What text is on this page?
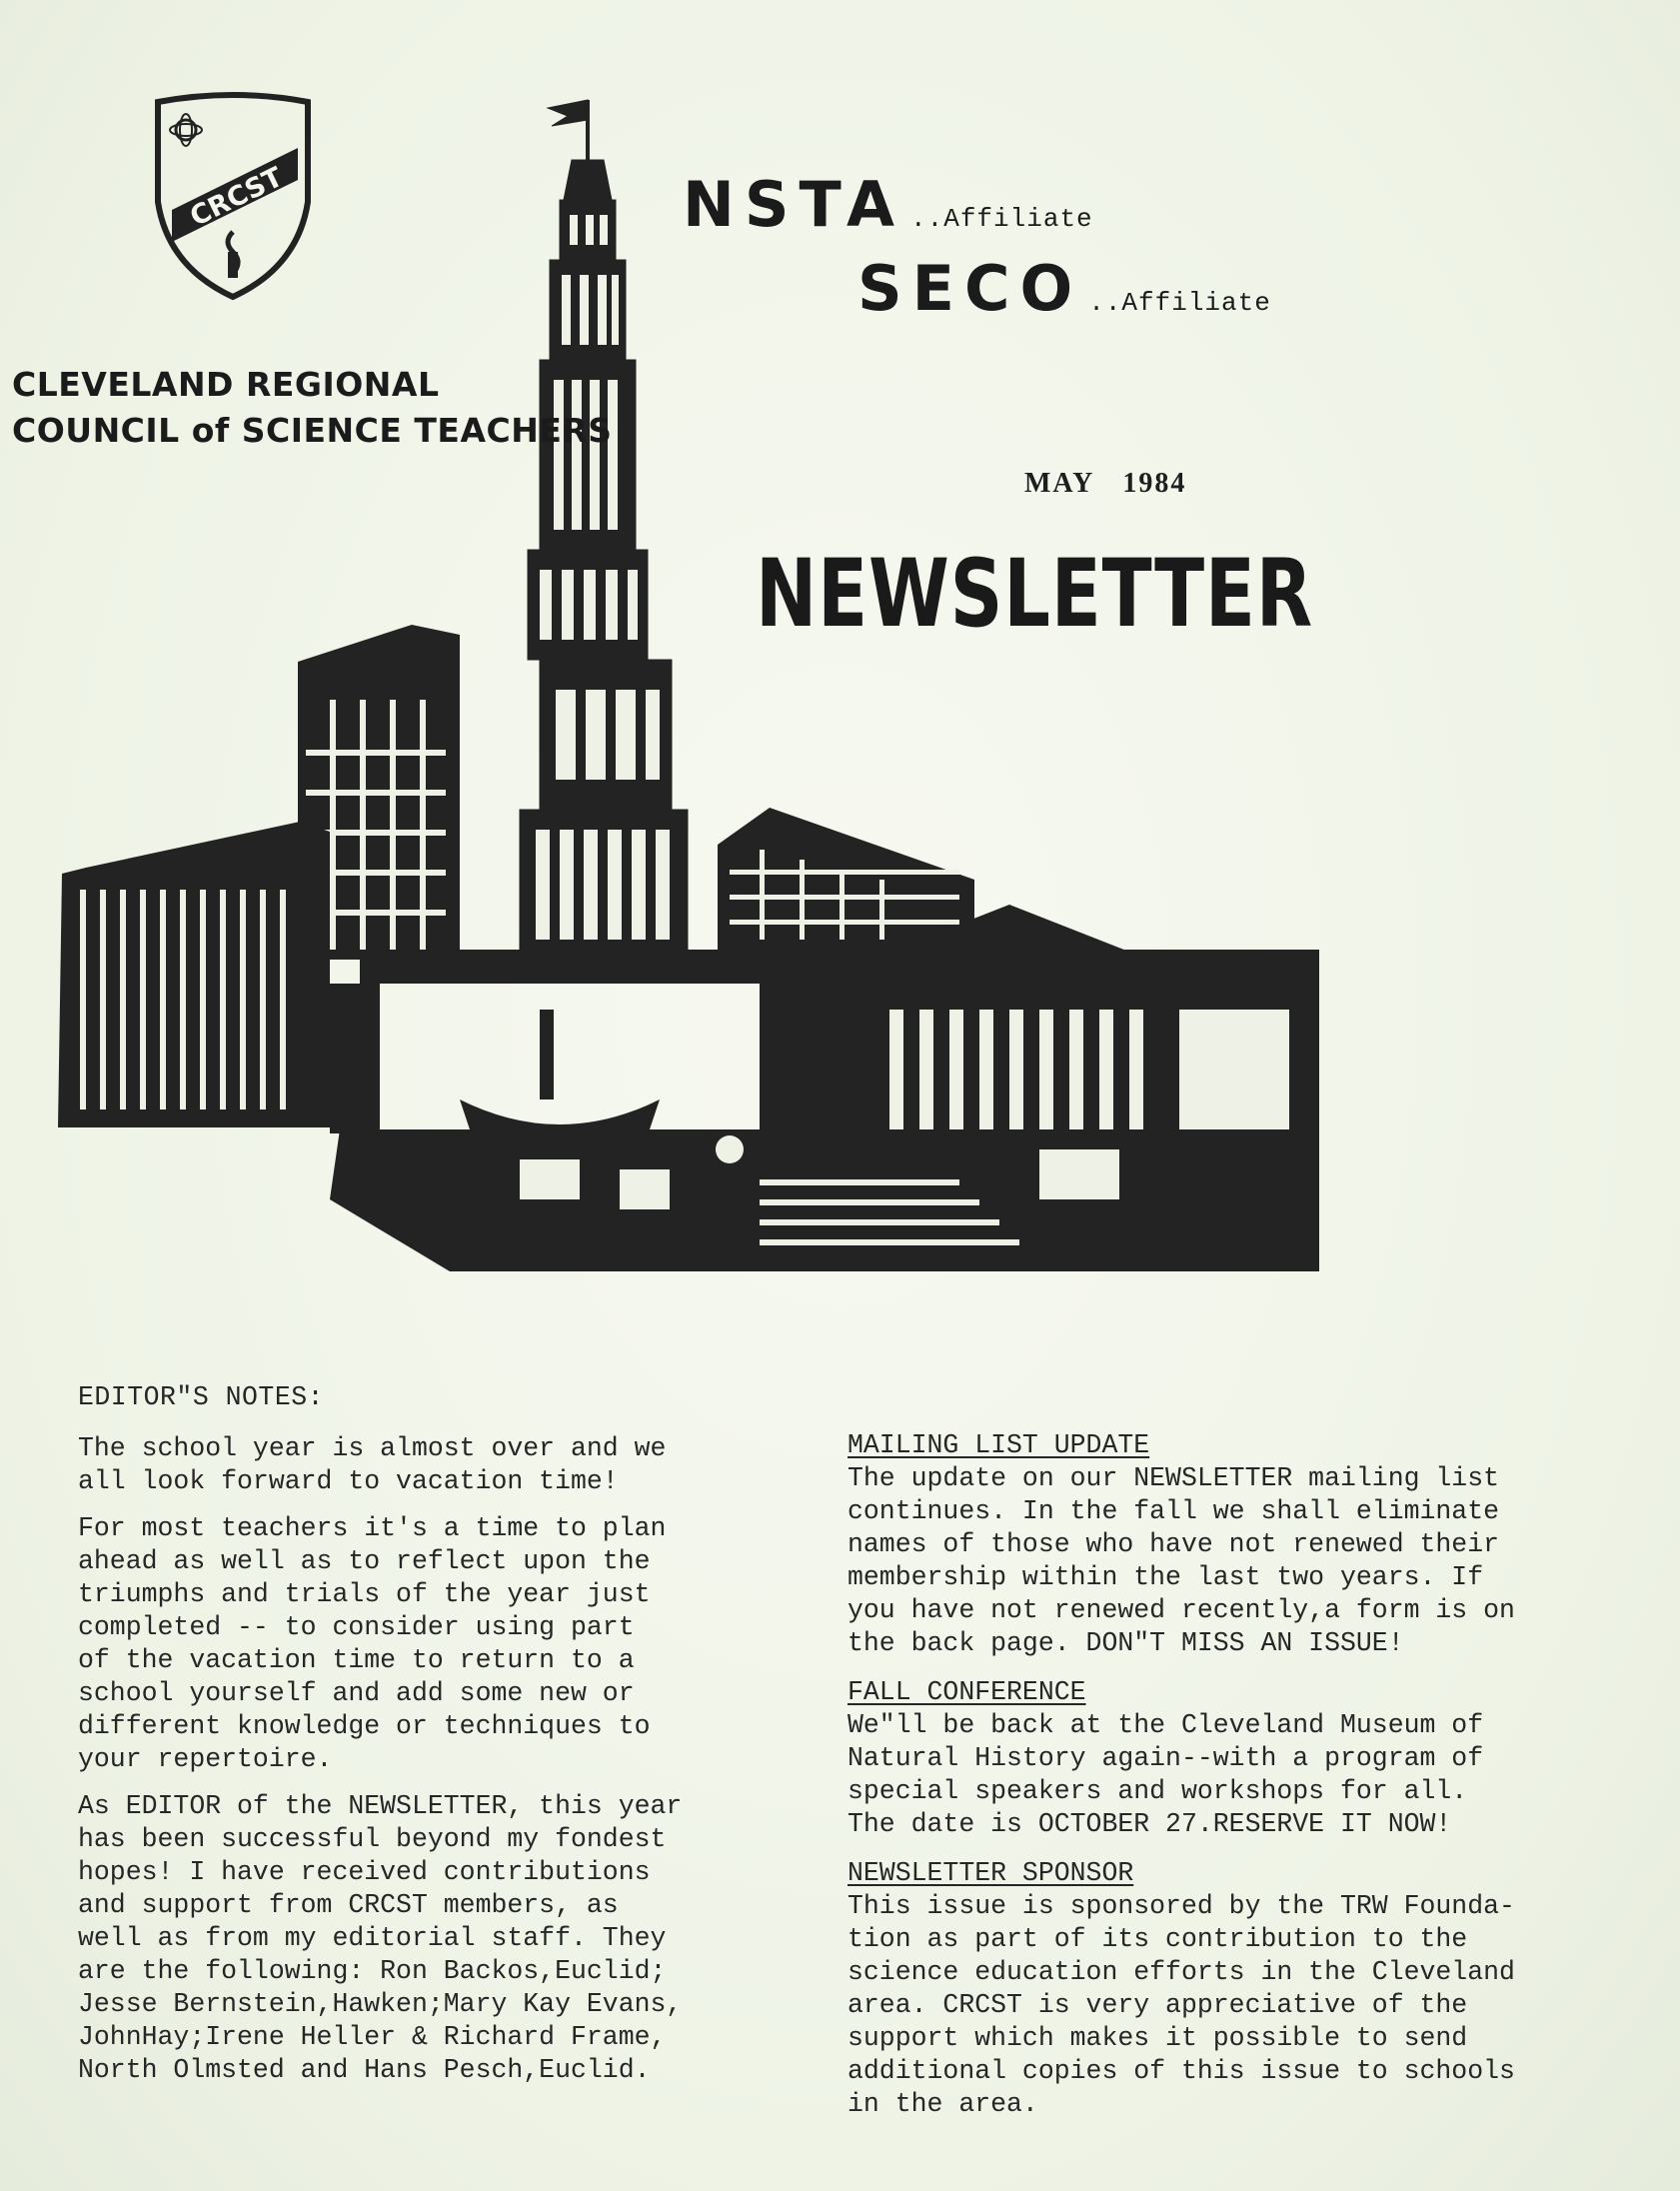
CRCST
CLEVELAND REGIONAL
COUNCIL of SCIENCE TEACHERS
NSTA ..Affiliate
SECO ..Affiliate
MAY 1984
NEWSLETTER

EDITOR"S NOTES:

The school year is almost over and we
all look forward to vacation time!

For most teachers it's a time to plan
ahead as well as to reflect upon the
triumphs and trials of the year just
completed -- to consider using part
of the vacation time to return to a
school yourself and add some new or
different knowledge or techniques to
your repertoire.

As EDITOR of the NEWSLETTER, this year
has been successful beyond my fondest
hopes! I have received contributions
and support from CRCST members, as
well as from my editorial staff. They
are the following: Ron Backos,Euclid;
Jesse Bernstein,Hawken;Mary Kay Evans,
JohnHay;Irene Heller & Richard Frame,
North Olmsted and Hans Pesch,Euclid.

MAILING LIST UPDATE

The update on our NEWSLETTER mailing list
continues. In the fall we shall eliminate
names of those who have not renewed their
membership within the last two years. If
you have not renewed recently,a form is on
the back page. DON"T MISS AN ISSUE!

FALL CONFERENCE

We"ll be back at the Cleveland Museum of
Natural History again--with a program of
special speakers and workshops for all.
The date is OCTOBER 27.RESERVE IT NOW!

NEWSLETTER SPONSOR

This issue is sponsored by the TRW Founda-
tion as part of its contribution to the
science education efforts in the Cleveland
area. CRCST is very appreciative of the
support which makes it possible to send
additional copies of this issue to schools
in the area.
